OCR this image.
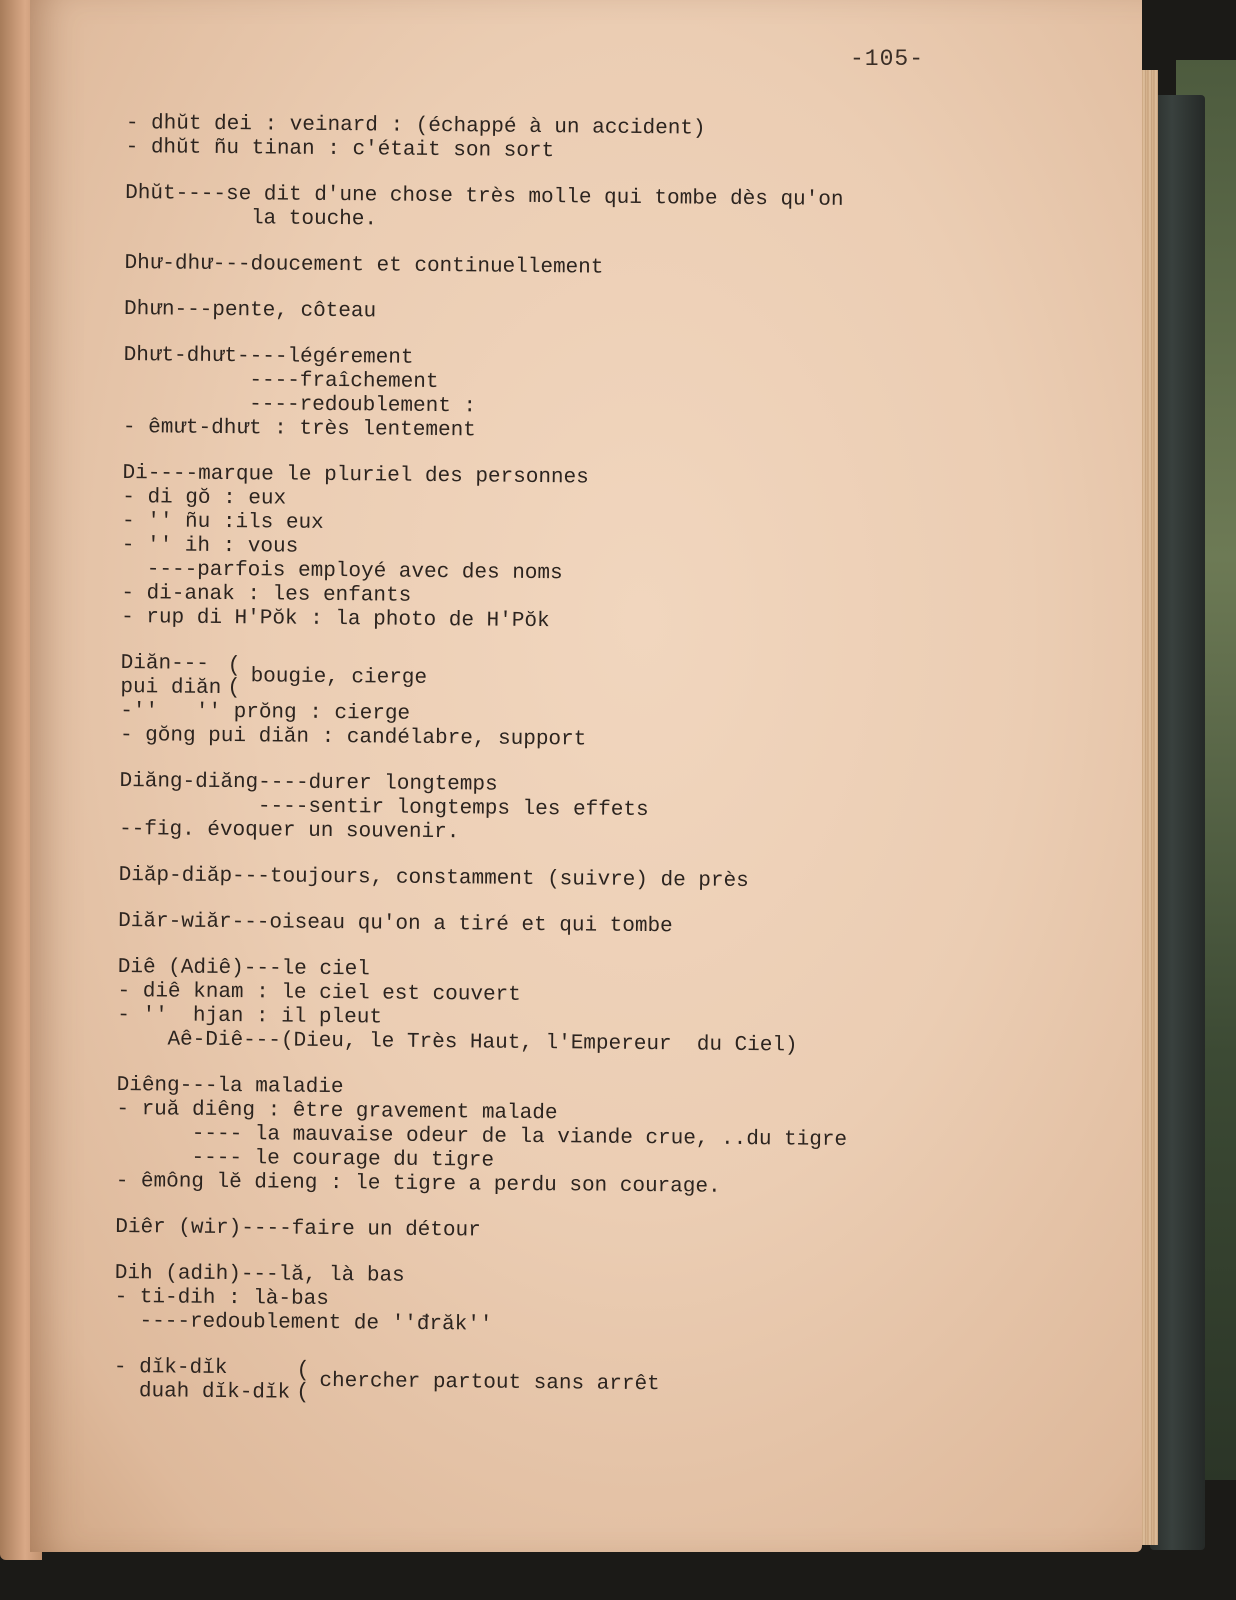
-105-
- dhŭt dei : veinard : (échappé à un accident)
- dhŭt ñu tinan : c'était son sort
Dhŭt----se dit d'une chose très molle qui tombe dès qu'on
la touche.
Dhư-dhư---doucement et continuellement
Dhưn---pente, côteau
Dhưt-dhưt----légérement
----fraîchement
----redoublement :
- êmưt-dhưt : très lentement
Di----marque le pluriel des personnes
- di gŏ : eux
- '' ñu :ils eux
- '' ih : vous
----parfois employé avec des noms
- di-anak : les enfants
- rup di H'Pŏk : la photo de H'Pŏk
Diăn---
pui diăn
(
( bougie, cierge
-''   '' prŏng : cierge
- gŏng pui diăn : candélabre, support
Diăng-diăng----durer longtemps
----sentir longtemps les effets
--fig. évoquer un souvenir.
Diăp-diăp---toujours, constamment (suivre) de près
Diăr-wiăr---oiseau qu'on a tiré et qui tombe
Diê (Adiê)---le ciel
- diê knam : le ciel est couvert
- ''  hjan : il pleut
Aê-Diê---(Dieu, le Très Haut, l'Empereur  du Ciel)
Diêng---la maladie
- ruă diêng : être gravement malade
---- la mauvaise odeur de la viande crue, ..du tigre
---- le courage du tigre
- êmông lĕ dieng : le tigre a perdu son courage.
Diêr (wir)----faire un détour
Dih (adih)---lă, là bas
- ti-dih : là-bas
----redoublement de ''đrăk''
- dĭk-dĭk
duah dĭk-dĭk
(
( chercher partout sans arrêt
